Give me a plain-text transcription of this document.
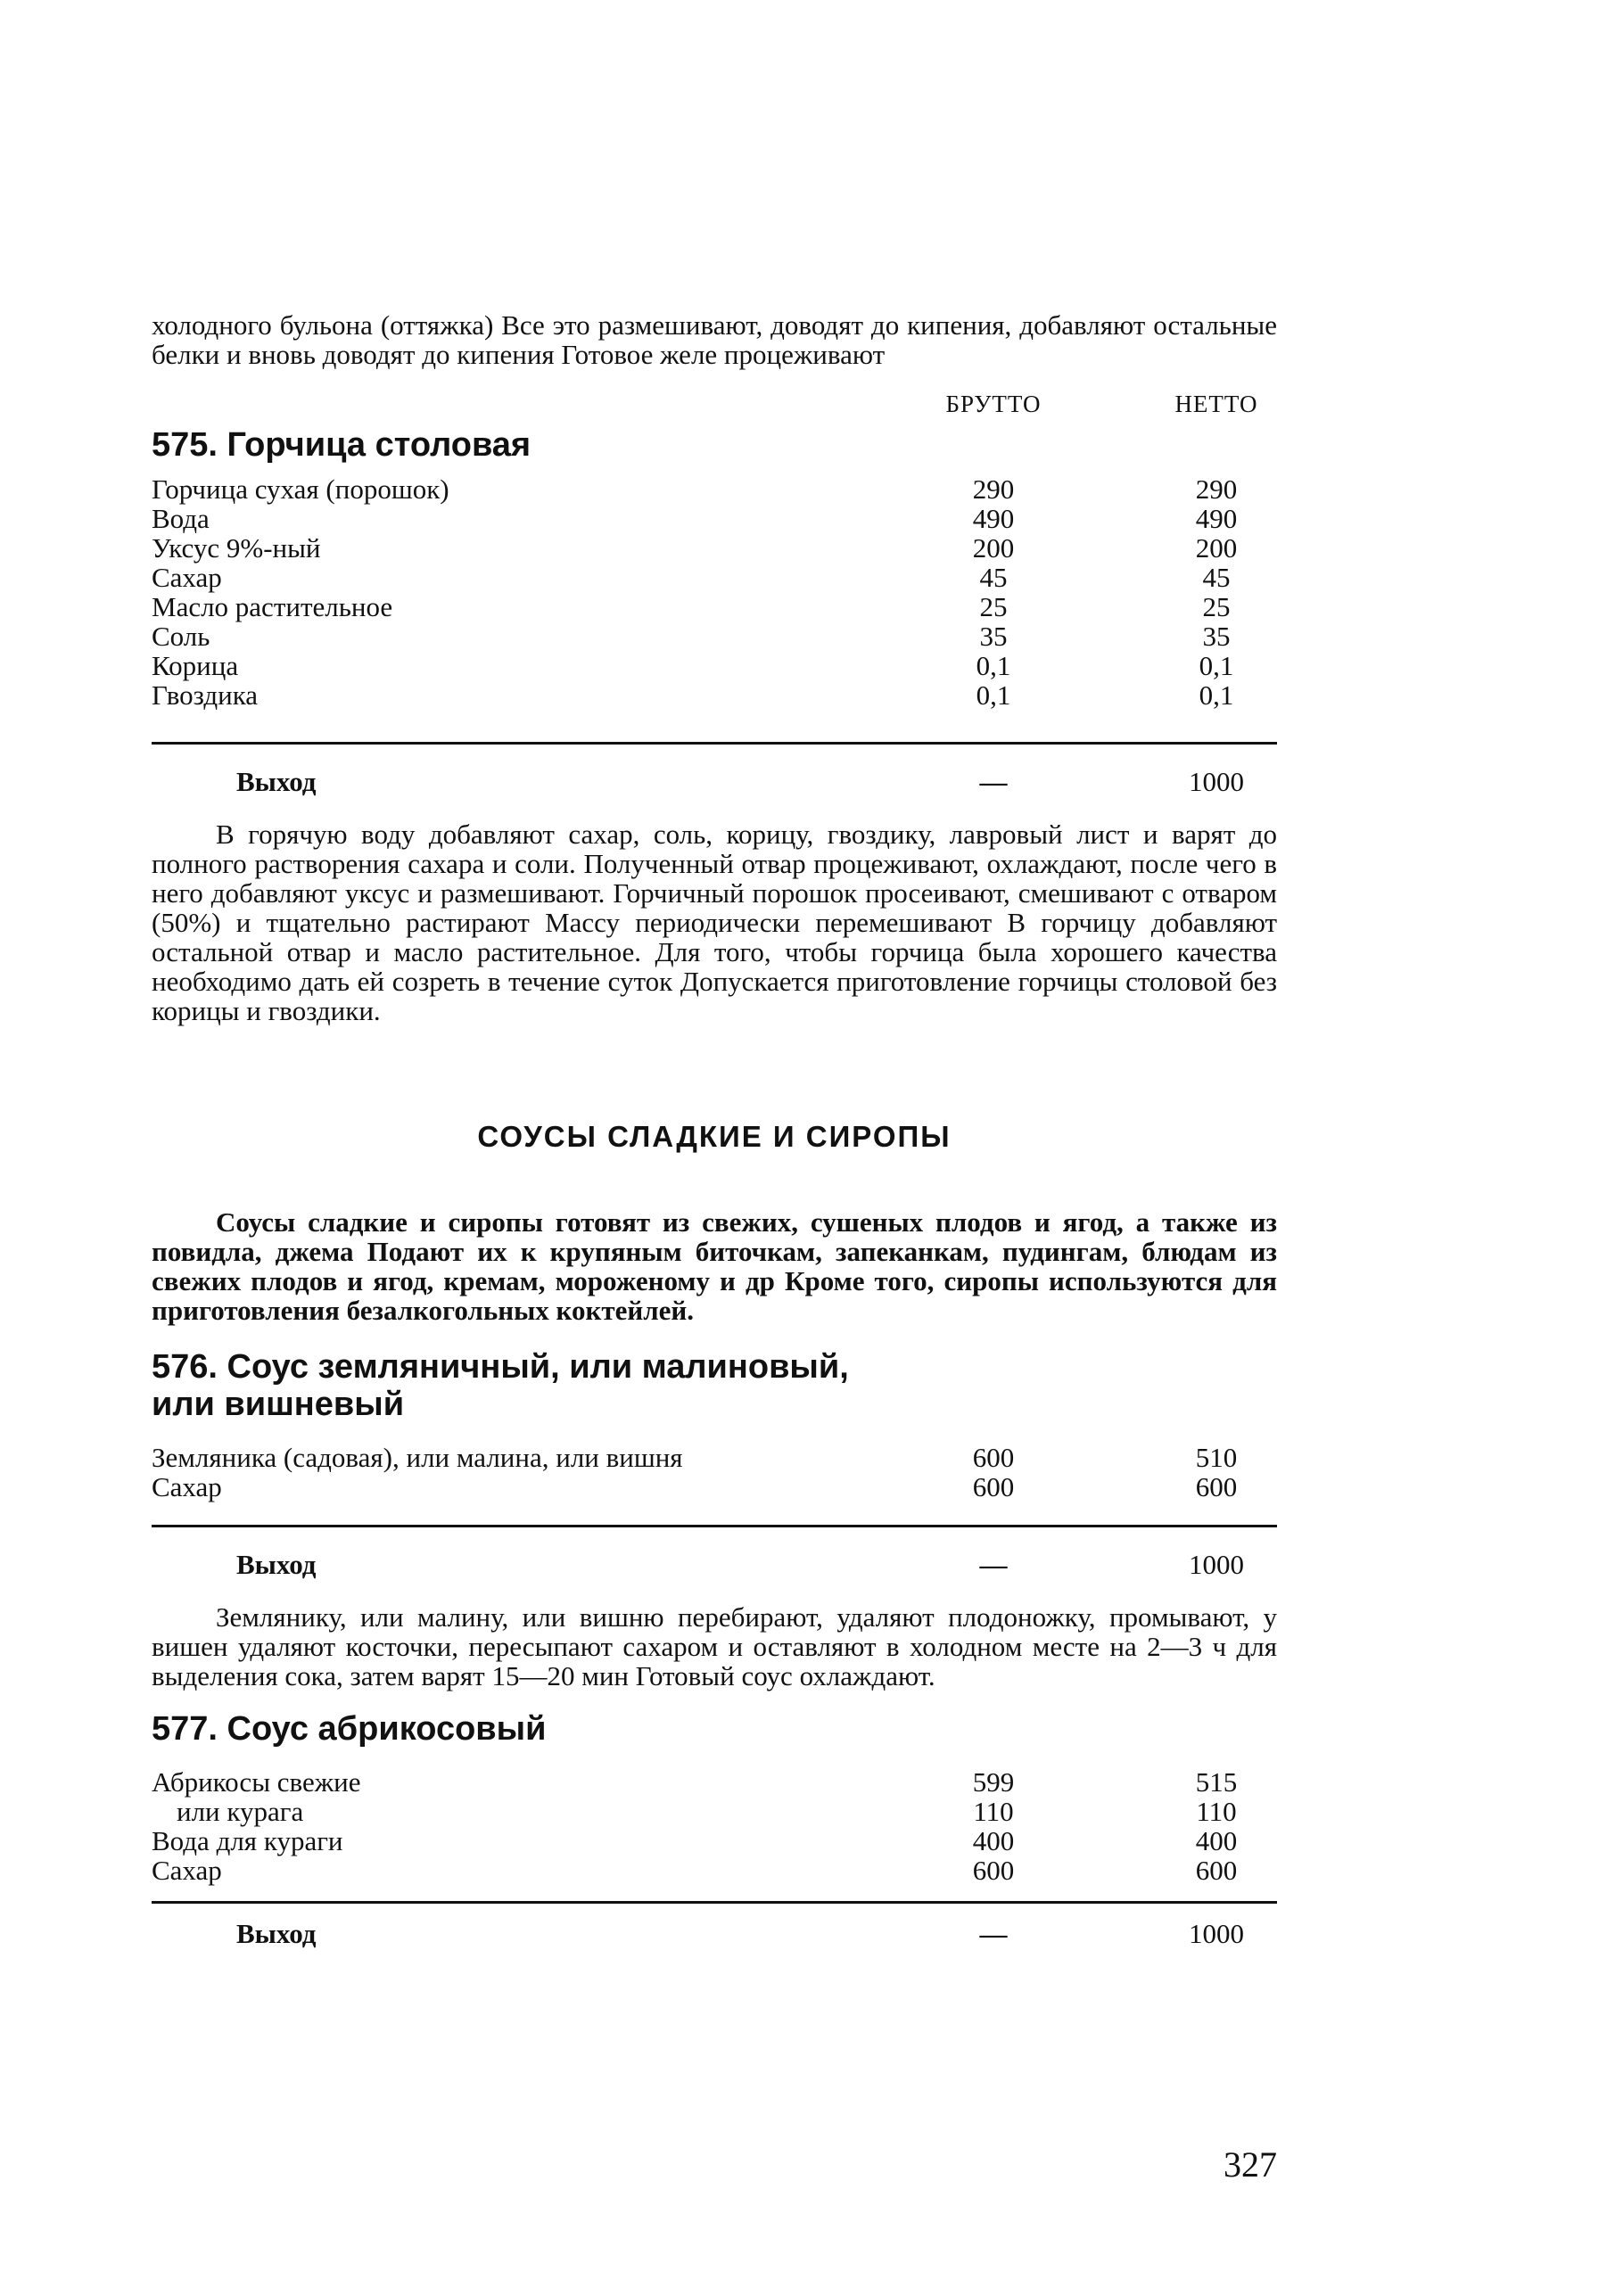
холодного бульона (оттяжка) Все это размешивают, доводят до кипения, добавляют остальные белки и вновь доводят до кипения Готовое желе процеживают

БРУТТО	НЕТТО
575. Горчица столовая
Горчица сухая (порошок)	290	290
Вода	490	490
Уксус 9%-ный	200	200
Сахар	45	45
Масло растительное	25	25
Соль	35	35
Корица	0,1	0,1
Гвоздика	0,1	0,1
Выход	—	1000

В горячую воду добавляют сахар, соль, корицу, гвоздику, лавровый лист и варят до полного растворения сахара и соли. Полученный отвар процеживают, охлаждают, после чего в него добавляют уксус и размешивают. Горчичный порошок просеивают, смешивают с отваром (50%) и тщательно растирают Массу периодически перемешивают В горчицу добавляют остальной отвар и масло растительное. Для того, чтобы горчица была хорошего качества необходимо дать ей созреть в течение суток Допускается приготовление горчицы столовой без корицы и гвоздики.

СОУСЫ СЛАДКИЕ И СИРОПЫ

Соусы сладкие и сиропы готовят из свежих, сушеных плодов и ягод, а также из повидла, джема Подают их к крупяным биточкам, запеканкам, пудингам, блюдам из свежих плодов и ягод, кремам, мороженому и др Кроме того, сиропы используются для приготовления безалкогольных коктейлей.

576. Соус земляничный, или малиновый,
или вишневый
Земляника (садовая), или малина, или вишня	600	510
Сахар	600	600
Выход	—	1000

Землянику, или малину, или вишню перебирают, удаляют плодоножку, промывают, у вишен удаляют косточки, пересыпают сахаром и оставляют в холодном месте на 2—3 ч для выделения сока, затем варят 15—20 мин Готовый соус охлаждают.

577. Соус абрикосовый
Абрикосы свежие	599	515
или курага	110	110
Вода для кураги	400	400
Сахар	600	600
Выход	—	1000
327
